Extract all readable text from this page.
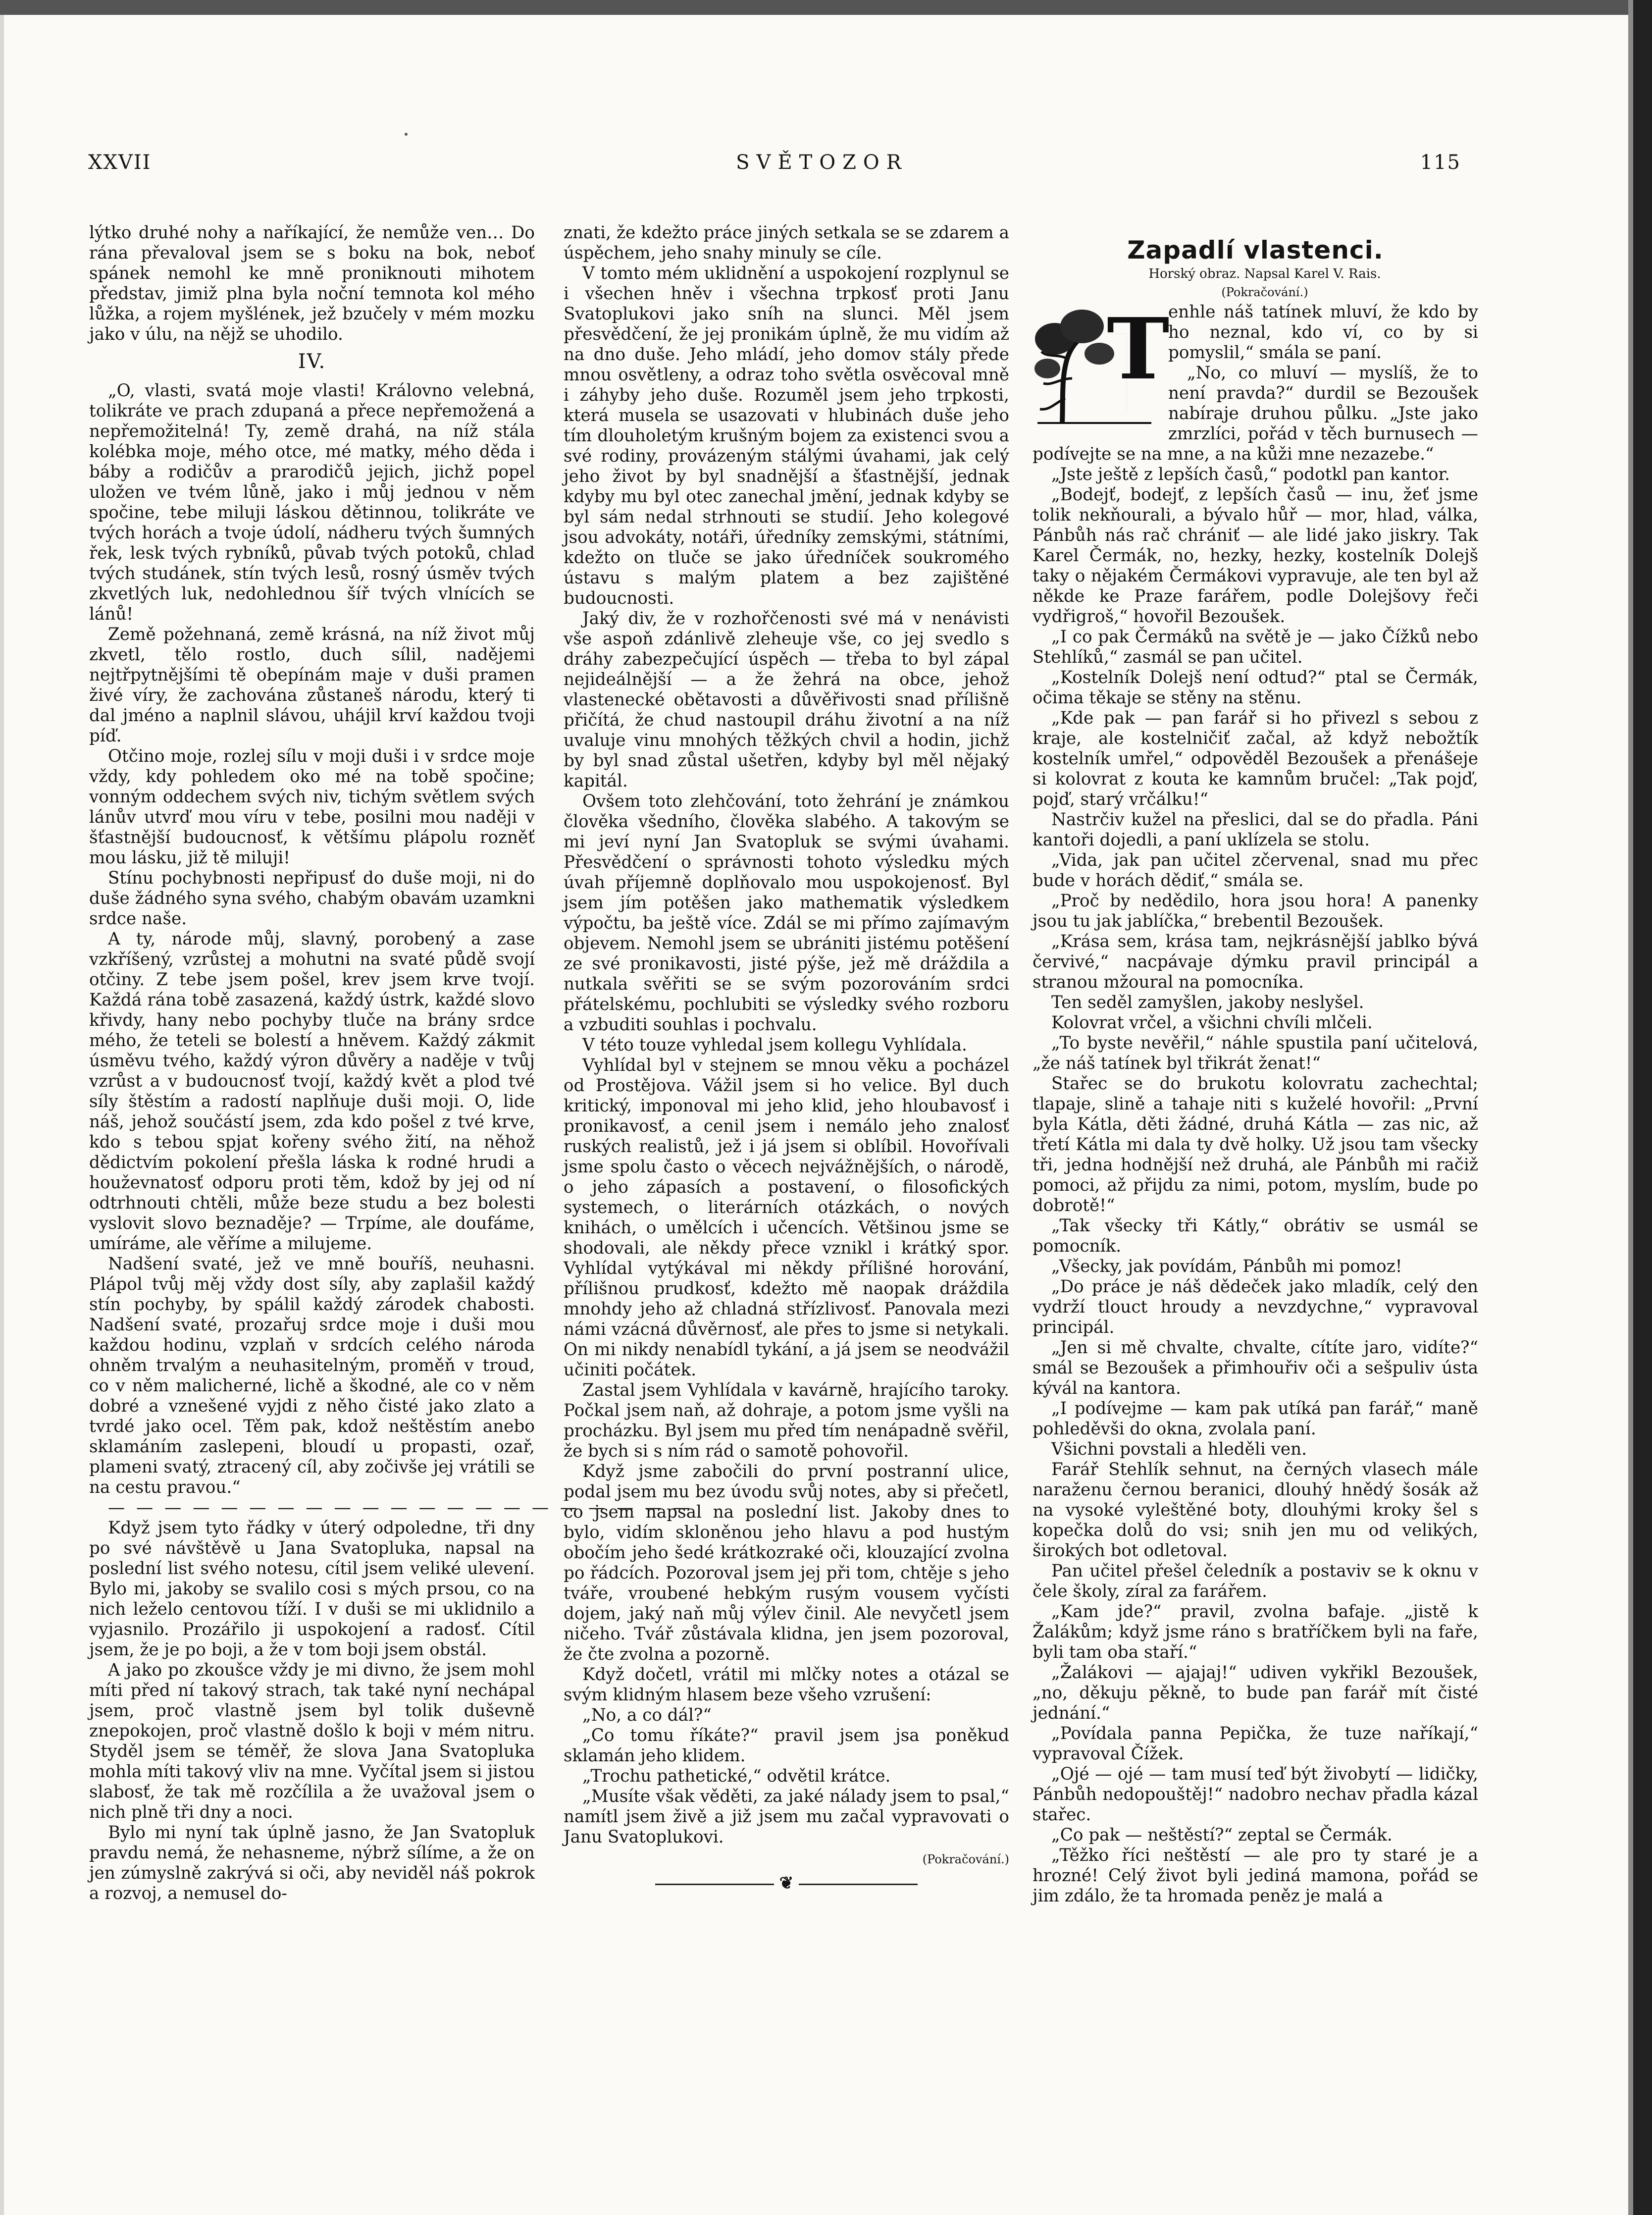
XXVII	SVĚTOZOR	115

lýtko druhé nohy a naříkající, že nemůže ven… Do rána převaloval jsem se s boku na bok, neboť spánek nemohl ke mně proniknouti mihotem představ, jimiž plna byla noční temnota kol mého lůžka, a rojem myšlének, jež bzučely v mém mozku jako v úlu, na nějž se uhodilo.

IV.

„O, vlasti, svatá moje vlasti! Královno velebná, tolikráte ve prach zdupaná a přece nepřemožená a nepřemožitelná! Ty, země drahá, na níž stála kolébka moje, mého otce, mé matky, mého děda i báby a rodičův a prarodičů jejich, jichž popel uložen ve tvém lůně, jako i můj jednou v něm spočine, tebe miluji láskou dětinnou, tolikráte ve tvých horách a tvoje údolí, nádheru tvých šumných řek, lesk tvých rybníků, půvab tvých potoků, chlad tvých studánek, stín tvých lesů, rosný úsměv tvých zkvetlých luk, nedohlednou šíř tvých vlnících se lánů!

Země požehnaná, země krásná, na níž život můj zkvetl, tělo rostlo, duch sílil, nadějemi nejtřpytnějšími tě obepínám maje v duši pramen živé víry, že zachována zůstaneš národu, který ti dal jméno a naplnil slávou, uhájil krví každou tvoji píď.

Otčino moje, rozlej sílu v moji duši i v srdce moje vždy, kdy pohledem oko mé na tobě spočine; vonným oddechem svých niv, tichým světlem svých lánův utvrď mou víru v tebe, posilni mou naději v šťastnější budoucnosť, k většímu plápolu rozněť mou lásku, již tě miluji!

Stínu pochybnosti nepřipusť do duše moji, ni do duše žádného syna svého, chabým obavám uzamkni srdce naše.

A ty, národe můj, slavný, porobený a zase vzkříšený, vzrůstej a mohutni na svaté půdě svojí otčiny. Z tebe jsem pošel, krev jsem krve tvojí. Každá rána tobě zasazená, každý ústrk, každé slovo křivdy, hany nebo pochyby tluče na brány srdce mého, že teteli se bolestí a hněvem. Každý zákmit úsměvu tvého, každý výron důvěry a naděje v tvůj vzrůst a v budoucnosť tvojí, každý květ a plod tvé síly štěstím a radostí naplňuje duši moji. O, lide náš, jehož součástí jsem, zda kdo pošel z tvé krve, kdo s tebou spjat kořeny svého žití, na něhož dědictvím pokolení přešla láska k rodné hrudi a houževnatosť odporu proti těm, kdož by jej od ní odtrhnouti chtěli, může beze studu a bez bolesti vyslovit slovo beznaděje? — Trpíme, ale doufáme, umíráme, ale věříme a milujeme.

Nadšení svaté, jež ve mně bouříš, neuhasni. Plápol tvůj měj vždy dost síly, aby zaplašil každý stín pochyby, by spálil každý zárodek chabosti. Nadšení svaté, prozařuj srdce moje i duši mou každou hodinu, vzplaň v srdcích celého národa ohněm trvalým a neuhasitelným, proměň v troud, co v něm malicherné, lichě a škodné, ale co v něm dobré a vznešené vyjdi z něho čisté jako zlato a tvrdé jako ocel. Těm pak, kdož neštěstím anebo sklamáním zaslepeni, bloudí u propasti, ozař, plameni svatý, ztracený cíl, aby zočivše jej vrátili se na cestu pravou.“

— — — — — — — — — — — — — — — — — — — — —

Když jsem tyto řádky v úterý odpoledne, tři dny po své návštěvě u Jana Svatopluka, napsal na poslední list svého notesu, cítil jsem veliké ulevení. Bylo mi, jakoby se svalilo cosi s mých prsou, co na nich leželo centovou tíží. I v duši se mi uklidnilo a vyjasnilo. Prozářilo ji uspokojení a radosť. Cítil jsem, že je po boji, a že v tom boji jsem obstál.

A jako po zkoušce vždy je mi divno, že jsem mohl míti před ní takový strach, tak také nyní nechápal jsem, proč vlastně jsem byl tolik duševně znepokojen, proč vlastně došlo k boji v mém nitru. Styděl jsem se téměř, že slova Jana Svatopluka mohla míti takový vliv na mne. Vyčítal jsem si jistou slabosť, že tak mě rozčílila a že uvažoval jsem o nich plně tři dny a noci.

Bylo mi nyní tak úplně jasno, že Jan Svatopluk pravdu nemá, že nehasneme, nýbrž sílíme, a že on jen zúmyslně zakrývá si oči, aby neviděl náš pokrok a rozvoj, a nemusel do-

znati, že kdežto práce jiných setkala se se zdarem a úspěchem, jeho snahy minuly se cíle.

V tomto mém uklidnění a uspokojení rozplynul se i všechen hněv i všechna trpkosť proti Janu Svatoplukovi jako sníh na slunci. Měl jsem přesvědčení, že jej pronikám úplně, že mu vidím až na dno duše. Jeho mládí, jeho domov stály přede mnou osvětleny, a odraz toho světla osvěcoval mně i záhyby jeho duše. Rozuměl jsem jeho trpkosti, která musela se usazovati v hlubinách duše jeho tím dlouholetým krušným bojem za existenci svou a své rodiny, provázeným stálými úvahami, jak celý jeho život by byl snadnější a šťastnější, jednak kdyby mu byl otec zanechal jmění, jednak kdyby se byl sám nedal strhnouti se studií. Jeho kolegové jsou advokáty, notáři, úředníky zemskými, státními, kdežto on tluče se jako úředníček soukromého ústavu s malým platem a bez zajištěné budoucnosti.

Jaký div, že v rozhořčenosti své má v nenávisti vše aspoň zdánlivě zleheuje vše, co jej svedlo s dráhy zabezpečující úspěch — třeba to byl zápal nejideálnější — a že žehrá na obce, jehož vlastenecké obětavosti a důvěřivosti snad přílišně přičítá, že chud nastoupil dráhu životní a na níž uvaluje vinu mnohých těžkých chvil a hodin, jichž by byl snad zůstal ušetřen, kdyby byl měl nějaký kapitál.

Ovšem toto zlehčování, toto žehrání je známkou člověka všedního, člověka slabého. A takovým se mi jeví nyní Jan Svatopluk se svými úvahami. Přesvědčení o správnosti tohoto výsledku mých úvah příjemně doplňovalo mou uspokojenosť. Byl jsem jím potěšen jako mathematik výsledkem výpočtu, ba ještě více. Zdál se mi přímo zajímavým objevem. Nemohl jsem se ubrániti jistému potěšení ze své pronikavosti, jisté pýše, jež mě dráždila a nutkala svěřiti se se svým pozorováním srdci přátelskému, pochlubiti se výsledky svého rozboru a vzbuditi souhlas i pochvalu.

V této touze vyhledal jsem kollegu Vyhlídala.

Vyhlídal byl v stejnem se mnou věku a pocházel od Prostějova. Vážil jsem si ho velice. Byl duch kritický, imponoval mi jeho klid, jeho hloubavosť i pronikavosť, a cenil jsem i nemálo jeho znalosť ruských realistů, jež i já jsem si oblíbil. Hovořívali jsme spolu často o věcech nejvážnějších, o národě, o jeho zápasích a postavení, o filosofických systemech, o literárních otázkách, o nových knihách, o umělcích i učencích. Většinou jsme se shodovali, ale někdy přece vznikl i krátký spor. Vyhlídal vytýkával mi někdy přílišné horování, přílišnou prudkosť, kdežto mě naopak dráždila mnohdy jeho až chladná střízlivosť. Panovala mezi námi vzácná důvěrnosť, ale přes to jsme si netykali. On mi nikdy nenabídl tykání, a já jsem se neodvážil učiniti počátek.

Zastal jsem Vyhlídala v kavárně, hrajícího taroky. Počkal jsem naň, až dohraje, a potom jsme vyšli na procházku. Byl jsem mu před tím nenápadně svěřil, že bych si s ním rád o samotě pohovořil.

Když jsme zabočili do první postranní ulice, podal jsem mu bez úvodu svůj notes, aby si přečetl, co jsem napsal na poslední list. Jakoby dnes to bylo, vidím skloněnou jeho hlavu a pod hustým obočím jeho šedé krátkozraké oči, klouzající zvolna po řádcích. Pozoroval jsem jej při tom, chtěje s jeho tváře, vroubené hebkým rusým vousem vyčísti dojem, jaký naň můj výlev činil. Ale nevyčetl jsem ničeho. Tvář zůstávala klidna, jen jsem pozoroval, že čte zvolna a pozorně.

Když dočetl, vrátil mi mlčky notes a otázal se svým klidným hlasem beze všeho vzrušení:

„No, a co dál?“

„Co tomu říkáte?“ pravil jsem jsa poněkud sklamán jeho klidem.

„Trochu pathetické,“ odvětil krátce.

„Musíte však věděti, za jaké nálady jsem to psal,“ namítl jsem živě a již jsem mu začal vypravovati o Janu Svatoplukovi.

(Pokračování.)
❦
Zapadlí vlastenci.

Horský obraz. Napsal Karel V. Rais.

(Pokračování.)

T

enhle náš tatínek mluví, že kdo by ho neznal, kdo ví, co by si pomyslil,“ smála se paní.

„No, co mluví — myslíš, že to není pravda?“ durdil se Bezoušek nabíraje druhou půlku. „Jste jako zmrzlíci, pořád v těch burnusech — podívejte se na mne, a na kůži mne nezazebe.“

„Jste ještě z lepších časů,“ podotkl pan kantor.

„Bodejť, bodejť, z lepších časů — inu, žeť jsme tolik nekňourali, a bývalo hůř — mor, hlad, válka, Pánbůh nás rač chrániť — ale lidé jako jiskry. Tak Karel Čermák, no, hezky, hezky, kostelník Dolejš taky o nějakém Čermákovi vypravuje, ale ten byl až někde ke Praze farářem, podle Dolejšovy řeči vydřigroš,“ hovořil Bezoušek.

„I co pak Čermáků na světě je — jako Čížků nebo Stehlíků,“ zasmál se pan učitel.

„Kostelník Dolejš není odtud?“ ptal se Čermák, očima těkaje se stěny na stěnu.

„Kde pak — pan farář si ho přivezl s sebou z kraje, ale kostelničiť začal, až když nebožtík kostelník umřel,“ odpověděl Bezoušek a přenášeje si kolovrat z kouta ke kamnům bručel: „Tak pojď, pojď, starý vrčálku!“

Nastrčiv kužel na přeslici, dal se do přadla. Páni kantoři dojedli, a paní uklízela se stolu.

„Vida, jak pan učitel zčervenal, snad mu přec bude v horách dědiť,“ smála se.

„Proč by nedědilo, hora jsou hora! A panenky jsou tu jak jablíčka,“ brebentil Bezoušek.

„Krása sem, krása tam, nejkrásnější jablko bývá červivé,“ nacpávaje dýmku pravil principál a stranou mžoural na pomocníka.

Ten seděl zamyšlen, jakoby neslyšel.

Kolovrat vrčel, a všichni chvíli mlčeli.

„To byste nevěřil,“ náhle spustila paní učitelová, „že náš tatínek byl třikrát ženat!“

Stařec se do brukotu kolovratu zachechtal; tlapaje, slině a tahaje niti s kuželé hovořil: „První byla Kátla, děti žádné, druhá Kátla — zas nic, až třetí Kátla mi dala ty dvě holky. Už jsou tam všecky tři, jedna hodnější než druhá, ale Pánbůh mi račiž pomoci, až přijdu za nimi, potom, myslím, bude po dobrotě!“

„Tak všecky tři Kátly,“ obrátiv se usmál se pomocník.

„Všecky, jak povídám, Pánbůh mi pomoz!

„Do práce je náš dědeček jako mladík, celý den vydrží tlouct hroudy a nevzdychne,“ vypravoval principál.

„Jen si mě chvalte, chvalte, cítíte jaro, vidíte?“ smál se Bezoušek a přimhouřiv oči a sešpuliv ústa kývál na kantora.

„I podívejme — kam pak utíká pan farář,“ maně pohleděvši do okna, zvolala paní.

Všichni povstali a hleděli ven.

Farář Stehlík sehnut, na černých vlasech mále naraženu černou beranici, dlouhý hnědý šosák až na vysoké vyleštěné boty, dlouhými kroky šel s kopečka dolů do vsi; snih jen mu od velikých, širokých bot odletoval.

Pan učitel přešel čeledník a postaviv se k oknu v čele školy, zíral za farářem.

„Kam jde?“ pravil, zvolna bafaje. „jistě k Žalákům; když jsme ráno s bratříčkem byli na faře, byli tam oba staří.“

„Žalákovi — ajajaj!“ udiven vykřikl Bezoušek, „no, děkuju pěkně, to bude pan farář mít čisté jednání.“

„Povídala panna Pepička, že tuze naříkají,“ vypravoval Čížek.

„Ojé — ojé — tam musí teď být živobytí — lidičky, Pánbůh nedopouštěj!“ nadobro nechav přadla kázal stařec.

„Co pak — neštěstí?“ zeptal se Čermák.

„Těžko říci neštěstí — ale pro ty staré je a hrozné! Celý život byli jediná mamona, pořád se jim zdálo, že ta hromada peněz je malá a
